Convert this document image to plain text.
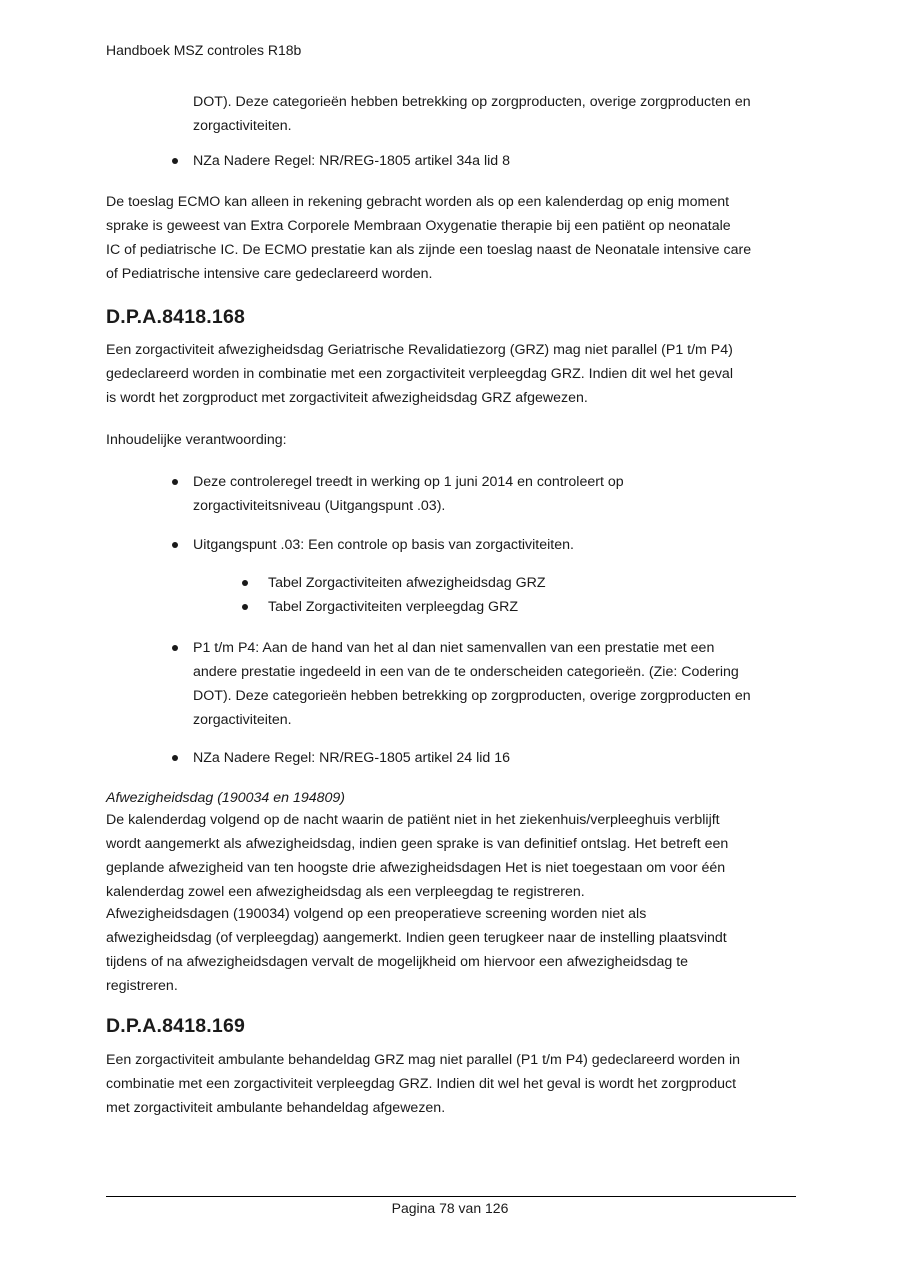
Handboek MSZ controles R18b
DOT). Deze categorieën hebben betrekking op zorgproducten, overige zorgproducten en
zorgactiviteiten.
NZa Nadere Regel: NR/REG-1805 artikel 34a lid 8
De toeslag ECMO kan alleen in rekening gebracht worden als op een kalenderdag op enig moment
sprake is geweest van Extra Corporele Membraan Oxygenatie therapie bij een patiënt op neonatale
IC of pediatrische IC. De ECMO prestatie kan als zijnde een toeslag naast de Neonatale intensive care
of Pediatrische intensive care gedeclareerd worden.
D.P.A.8418.168
Een zorgactiviteit afwezigheidsdag Geriatrische Revalidatiezorg (GRZ) mag niet parallel (P1 t/m P4)
gedeclareerd worden in combinatie met een zorgactiviteit verpleegdag GRZ. Indien dit wel het geval
is wordt het zorgproduct met zorgactiviteit afwezigheidsdag GRZ afgewezen.
Inhoudelijke verantwoording:
Deze controleregel treedt in werking op 1 juni 2014 en controleert op
zorgactiviteitsniveau (Uitgangspunt .03).
Uitgangspunt .03: Een controle op basis van zorgactiviteiten.
Tabel Zorgactiviteiten afwezigheidsdag GRZ
Tabel Zorgactiviteiten verpleegdag GRZ
P1 t/m P4: Aan de hand van het al dan niet samenvallen van een prestatie met een
andere prestatie ingedeeld in een van de te onderscheiden categorieën. (Zie: Codering
DOT). Deze categorieën hebben betrekking op zorgproducten, overige zorgproducten en
zorgactiviteiten.
NZa Nadere Regel: NR/REG-1805 artikel 24 lid 16
Afwezigheidsdag (190034 en 194809)
De kalenderdag volgend op de nacht waarin de patiënt niet in het ziekenhuis/verpleeghuis verblijft
wordt aangemerkt als afwezigheidsdag, indien geen sprake is van definitief ontslag. Het betreft een
geplande afwezigheid van ten hoogste drie afwezigheidsdagen Het is niet toegestaan om voor één
kalenderdag zowel een afwezigheidsdag als een verpleegdag te registreren.
Afwezigheidsdagen (190034) volgend op een preoperatieve screening worden niet als
afwezigheidsdag (of verpleegdag) aangemerkt. Indien geen terugkeer naar de instelling plaatsvindt
tijdens of na afwezigheidsdagen vervalt de mogelijkheid om hiervoor een afwezigheidsdag te
registreren.
D.P.A.8418.169
Een zorgactiviteit ambulante behandeldag GRZ mag niet parallel (P1 t/m P4) gedeclareerd worden in
combinatie met een zorgactiviteit verpleegdag GRZ. Indien dit wel het geval is wordt het zorgproduct
met zorgactiviteit ambulante behandeldag afgewezen.
Pagina 78 van 126
